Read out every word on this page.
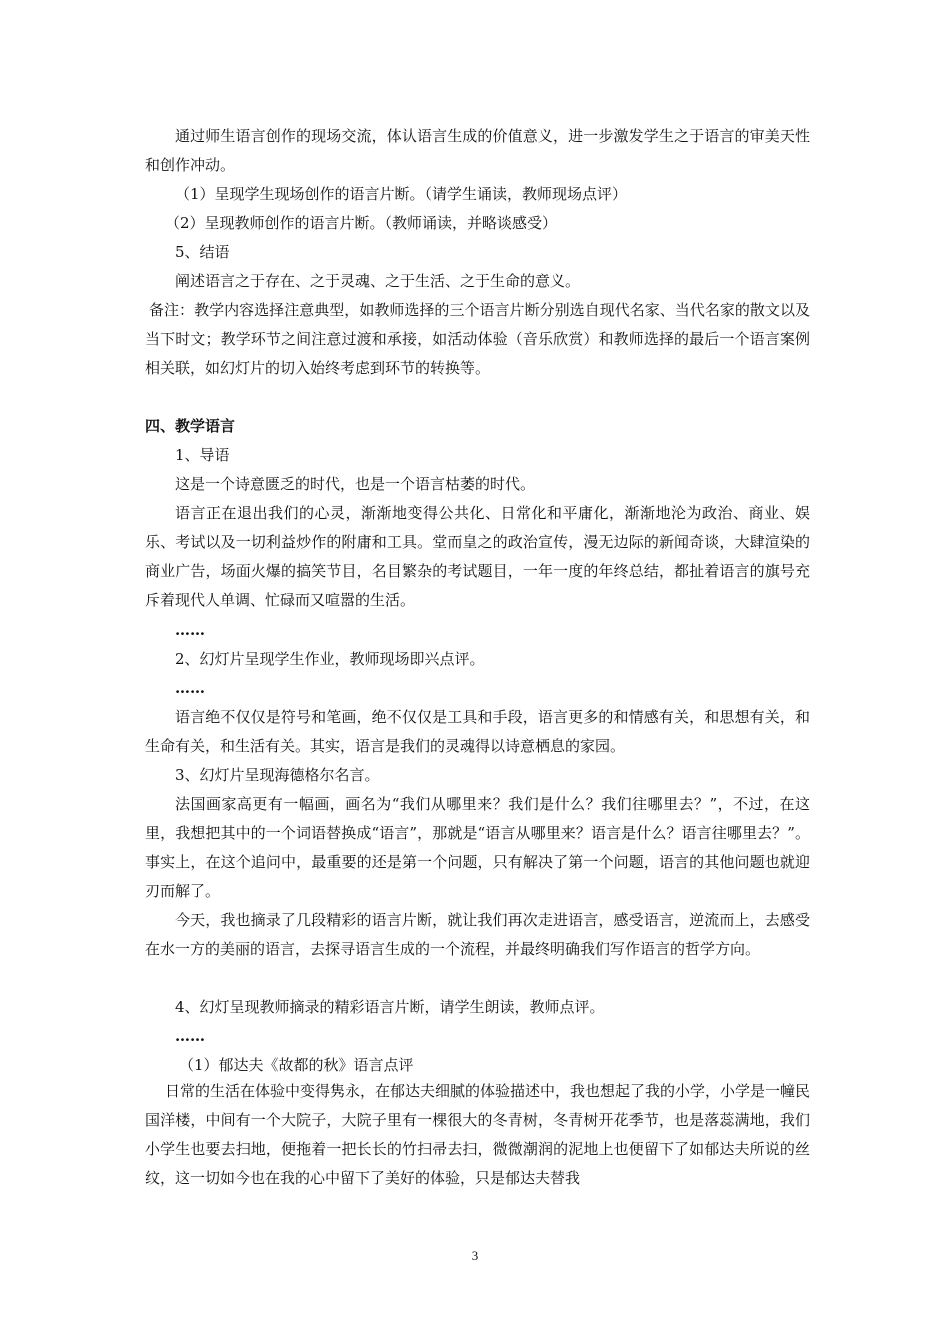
通过师生语言创作的现场交流，体认语言生成的价值意义，进一步激发学生之于语言的审美天性和创作冲动。

（1）呈现学生现场创作的语言片断。（请学生诵读，教师现场点评）

（2）呈现教师创作的语言片断。（教师诵读，并略谈感受）

5、结语

阐述语言之于存在、之于灵魂、之于生活、之于生命的意义。

备注：教学内容选择注意典型，如教师选择的三个语言片断分别选自现代名家、当代名家的散文以及当下时文；教学环节之间注意过渡和承接，如活动体验（音乐欣赏）和教师选择的最后一个语言案例相关联，如幻灯片的切入始终考虑到环节的转换等。

四、教学语言

1、导语

这是一个诗意匮乏的时代，也是一个语言枯萎的时代。

语言正在退出我们的心灵，渐渐地变得公共化、日常化和平庸化，渐渐地沦为政治、商业、娱乐、考试以及一切利益炒作的附庸和工具。堂而皇之的政治宣传，漫无边际的新闻奇谈，大肆渲染的商业广告，场面火爆的搞笑节目，名目繁杂的考试题目，一年一度的年终总结，都扯着语言的旗号充斥着现代人单调、忙碌而又喧嚣的生活。

……

2、幻灯片呈现学生作业，教师现场即兴点评。

……

语言绝不仅仅是符号和笔画，绝不仅仅是工具和手段，语言更多的和情感有关，和思想有关，和生命有关，和生活有关。其实，语言是我们的灵魂得以诗意栖息的家园。

3、幻灯片呈现海德格尔名言。

法国画家高更有一幅画，画名为“我们从哪里来？我们是什么？我们往哪里去？”，不过，在这里，我想把其中的一个词语替换成“语言”，那就是“语言从哪里来？语言是什么？语言往哪里去？”。事实上，在这个追问中，最重要的还是第一个问题，只有解决了第一个问题，语言的其他问题也就迎刃而解了。

今天，我也摘录了几段精彩的语言片断，就让我们再次走进语言，感受语言，逆流而上，去感受在水一方的美丽的语言，去探寻语言生成的一个流程，并最终明确我们写作语言的哲学方向。

4、幻灯呈现教师摘录的精彩语言片断，请学生朗读，教师点评。

……

（1）郁达夫《故都的秋》语言点评

日常的生活在体验中变得隽永，在郁达夫细腻的体验描述中，我也想起了我的小学，小学是一幢民国洋楼，中间有一个大院子，大院子里有一棵很大的冬青树，冬青树开花季节，也是落蕊满地，我们小学生也要去扫地，便拖着一把长长的竹扫帚去扫，微微潮润的泥地上也便留下了如郁达夫所说的丝纹，这一切如今也在我的心中留下了美好的体验，只是郁达夫替我

3
